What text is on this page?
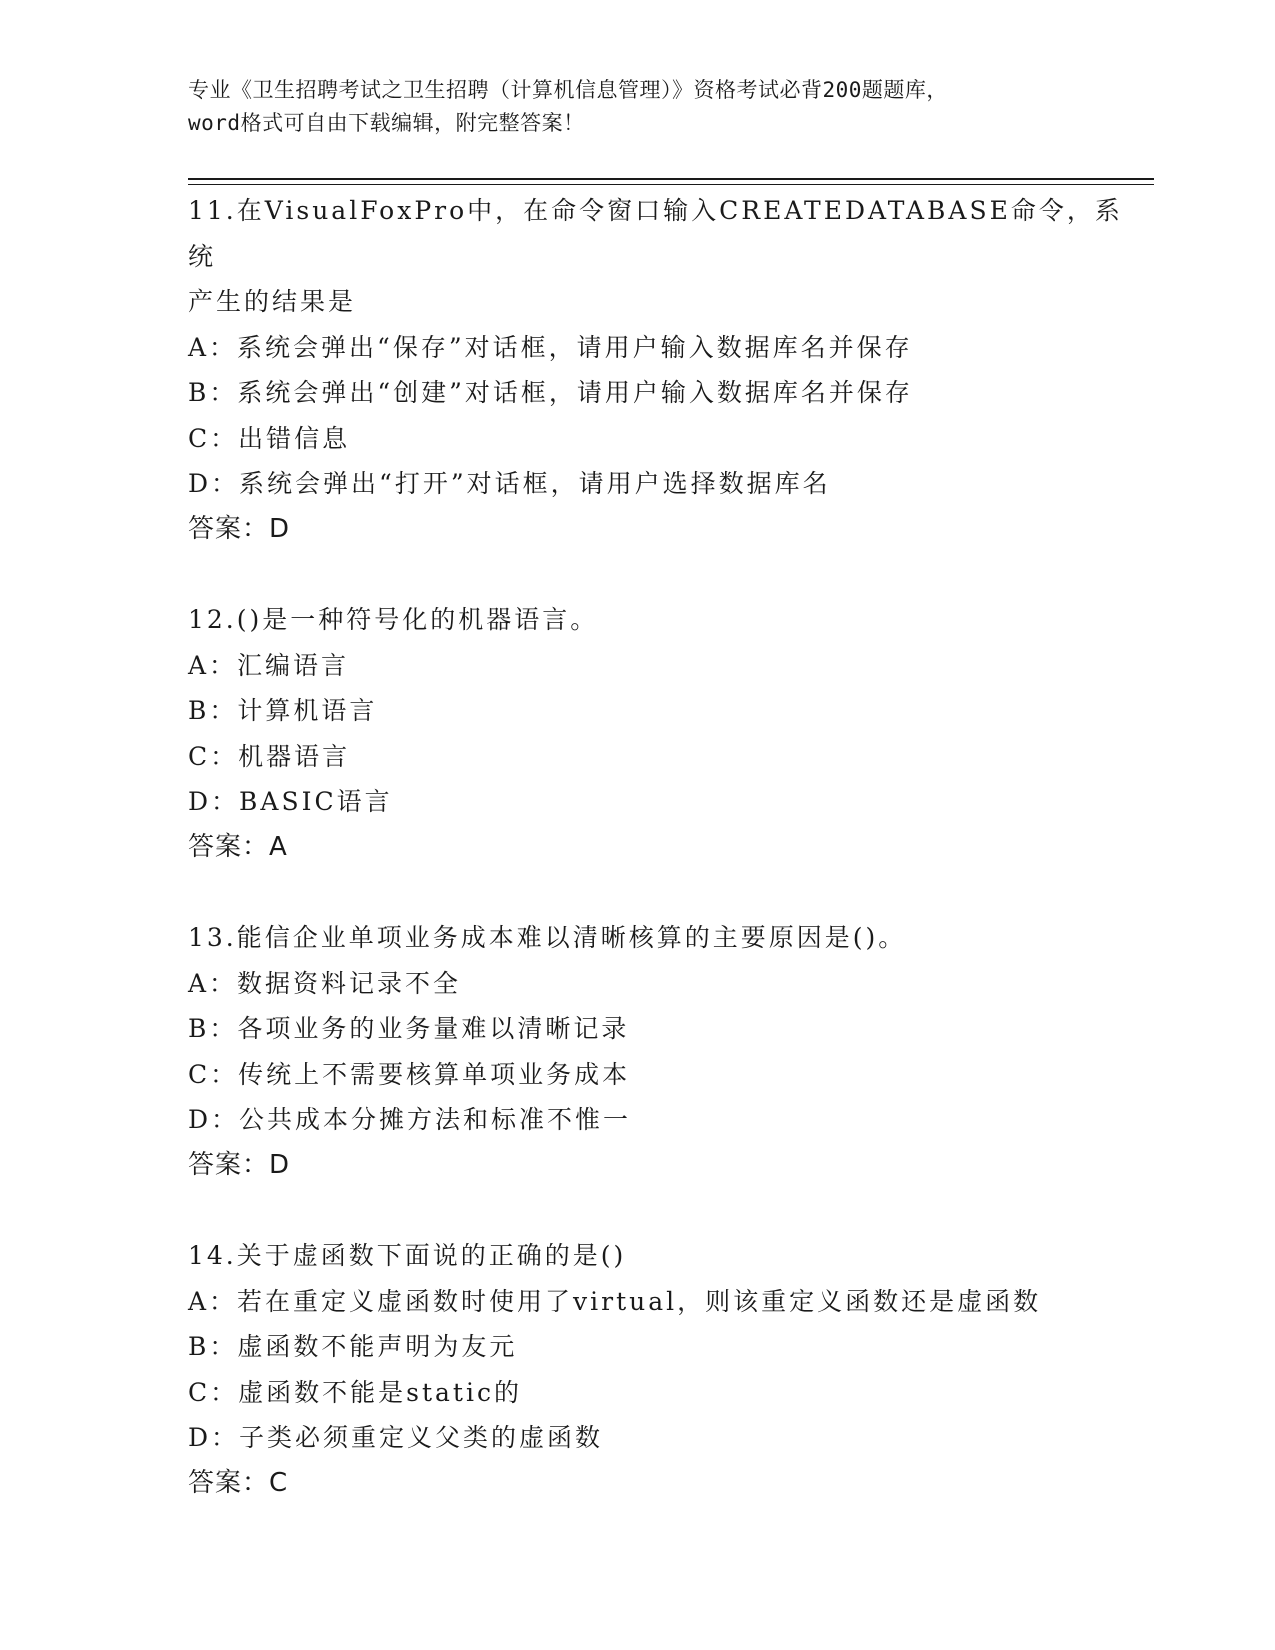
专业《卫生招聘考试之卫生招聘（计算机信息管理）》资格考试必背200题题库，
word格式可自由下载编辑，附完整答案！

11.在VisualFoxPro中，在命令窗口输入CREATEDATABASE命令，系统

产生的结果是

A：系统会弹出“保存”对话框，请用户输入数据库名并保存

B：系统会弹出“创建”对话框，请用户输入数据库名并保存

C：出错信息

D：系统会弹出“打开”对话框，请用户选择数据库名

答案：D

12.()是一种符号化的机器语言。

A：汇编语言

B：计算机语言

C：机器语言

D：BASIC语言

答案：A

13.能信企业单项业务成本难以清晰核算的主要原因是()。

A：数据资料记录不全

B：各项业务的业务量难以清晰记录

C：传统上不需要核算单项业务成本

D：公共成本分摊方法和标准不惟一

答案：D

14.关于虚函数下面说的正确的是()

A：若在重定义虚函数时使用了virtual，则该重定义函数还是虚函数

B：虚函数不能声明为友元

C：虚函数不能是static的

D：子类必须重定义父类的虚函数

答案：C
